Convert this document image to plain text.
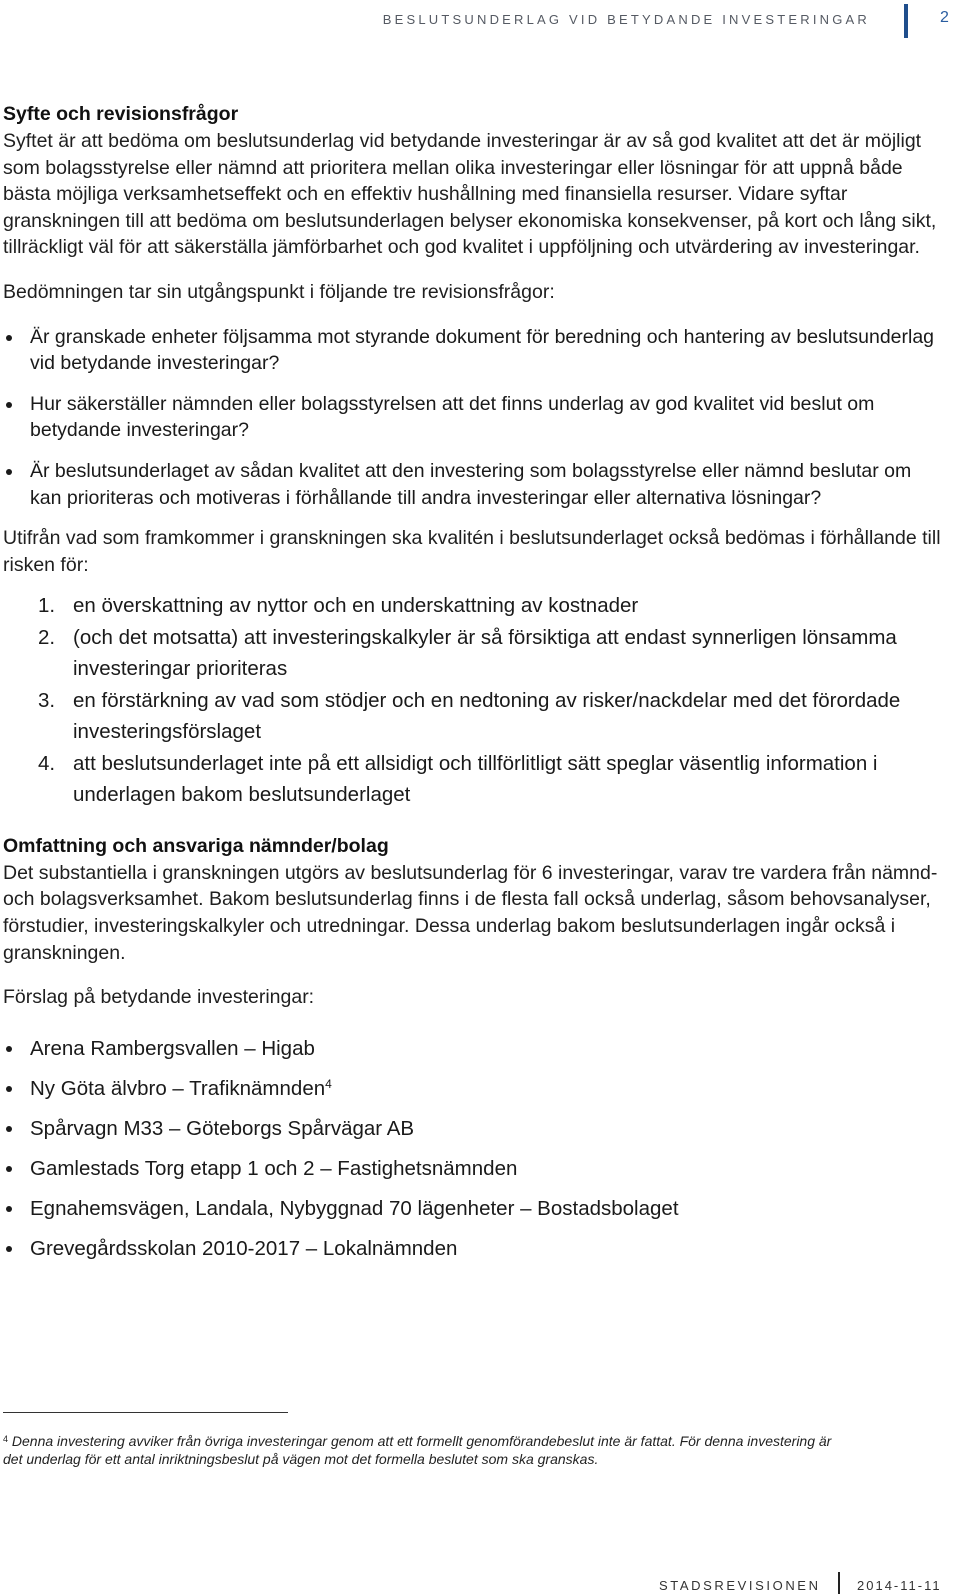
BESLUTSUNDERLAG VID BETYDANDE INVESTERINGAR	2
Syfte och revisionsfrågor

Syftet är att bedöma om beslutsunderlag vid betydande investeringar är av så god kvalitet att det är möjligt som bolagsstyrelse eller nämnd att prioritera mellan olika investeringar eller lösningar för att uppnå både bästa möjliga verksamhetseffekt och en effektiv hushållning med finansiella resurser. Vidare syftar granskningen till att bedöma om beslutsunderlagen belyser ekonomiska konsekvenser, på kort och lång sikt, tillräckligt väl för att säkerställa jämförbarhet och god kvalitet i uppföljning och utvärdering av investeringar.

Bedömningen tar sin utgångspunkt i följande tre revisionsfrågor:

Är granskade enheter följsamma mot styrande dokument för beredning och hantering av beslutsunderlag vid betydande investeringar?
Hur säkerställer nämnden eller bolagsstyrelsen att det finns underlag av god kvalitet vid beslut om betydande investeringar?
Är beslutsunderlaget av sådan kvalitet att den investering som bolagsstyrelse eller nämnd beslutar om kan prioriteras och motiveras i förhållande till andra investeringar eller alternativa lösningar?

Utifrån vad som framkommer i granskningen ska kvalitén i beslutsunderlaget också bedömas i förhållande till risken för:

1. en överskattning av nyttor och en underskattning av kostnader
2. (och det motsatta) att investeringskalkyler är så försiktiga att endast synnerligen lönsamma investeringar prioriteras
3. en förstärkning av vad som stödjer och en nedtoning av risker/nackdelar med det förordade investeringsförslaget
4. att beslutsunderlaget inte på ett allsidigt och tillförlitligt sätt speglar väsentlig information i underlagen bakom beslutsunderlaget
Omfattning och ansvariga nämnder/bolag

Det substantiella i granskningen utgörs av beslutsunderlag för 6 investeringar, varav tre vardera från nämnd- och bolagsverksamhet. Bakom beslutsunderlag finns i de flesta fall också underlag, såsom behovsanalyser, förstudier, investeringskalkyler och utredningar. Dessa underlag bakom beslutsunderlagen ingår också i granskningen.

Förslag på betydande investeringar:

Arena Rambergsvallen – Higab
Ny Göta älvbro – Trafiknämnden$^4$
Spårvagn M33 – Göteborgs Spårvägar AB
Gamlestads Torg etapp 1 och 2 – Fastighetsnämnden
Egnahemsvägen, Landala, Nybyggnad 70 lägenheter – Bostadsbolaget
Grevegårdsskolan 2010-2017 – Lokalnämnden

$^4$ Denna investering avviker från övriga investeringar genom att ett formellt genomförandebeslut inte är fattat. För denna investering är det underlag för ett antal inriktningsbeslut på vägen mot det formella beslutet som ska granskas.

STADSREVISIONEN	2014-11-11
